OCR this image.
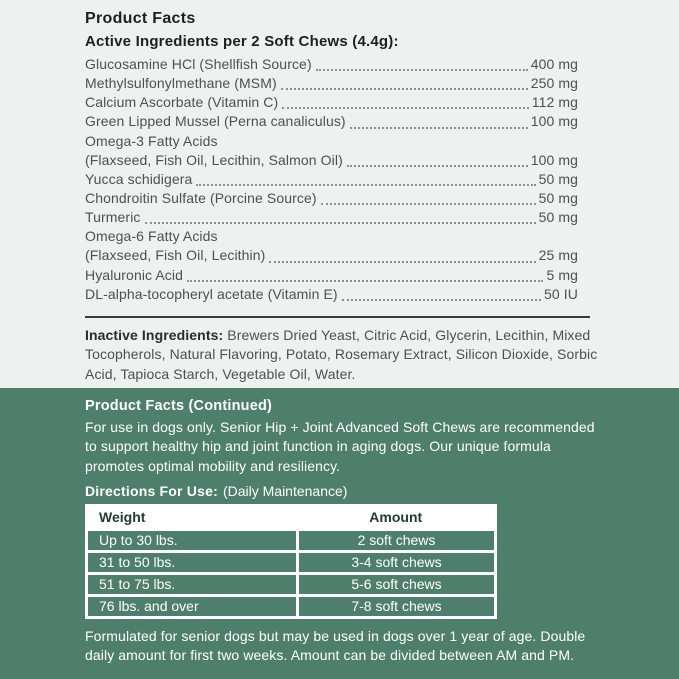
Product Facts
Active Ingredients per 2 Soft Chews (4.4g):
Glucosamine HCl (Shellfish Source)	400 mg
Methylsulfonylmethane (MSM)	250 mg
Calcium Ascorbate (Vitamin C)	112 mg
Green Lipped Mussel (Perna canaliculus)	100 mg
Omega-3 Fatty Acids
(Flaxseed, Fish Oil, Lecithin, Salmon Oil)	100 mg
Yucca schidigera	50 mg
Chondroitin Sulfate (Porcine Source)	50 mg
Turmeric	50 mg
Omega-6 Fatty Acids
(Flaxseed, Fish Oil, Lecithin)	25 mg
Hyaluronic Acid	5 mg
DL-alpha-tocopheryl acetate (Vitamin E)	50 IU

Inactive Ingredients: Brewers Dried Yeast, Citric Acid, Glycerin, Lecithin, Mixed Tocopherols, Natural Flavoring, Potato, Rosemary Extract, Silicon Dioxide, Sorbic Acid, Tapioca Starch, Vegetable Oil, Water.

Product Facts (Continued)

For use in dogs only. Senior Hip + Joint Advanced Soft Chews are recommended to support healthy hip and joint function in aging dogs. Our unique formula promotes optimal mobility and resiliency.

Directions For Use: (Daily Maintenance)

Weight	Amount
Up to 30 lbs.	2 soft chews
31 to 50 lbs.	3-4 soft chews
51 to 75 lbs.	5-6 soft chews
76 lbs. and over	7-8 soft chews

Formulated for senior dogs but may be used in dogs over 1 year of age. Double daily amount for first two weeks. Amount can be divided between AM and PM.
